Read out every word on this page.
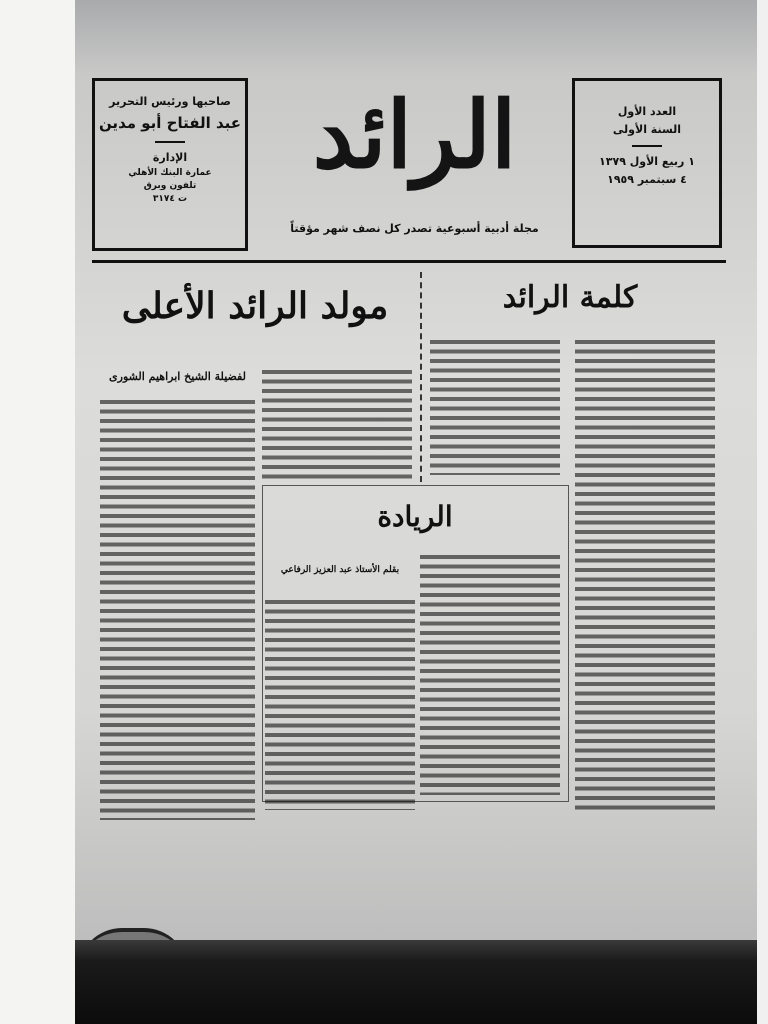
العدد الأول
السنة الأولى
١ ربيع الأول ١٣٧٩
٤ سبتمبر ١٩٥٩
صاحبها ورئيس التحرير
عبد الفتاح أبو مدين
الإدارة
عمارة البنك الأهلي
تلفون وبرق
ت ٣١٧٤
الرائد
مجلة أدبية أسبوعية تصدر كل نصف شهر مؤقتاً
كلمة الرائد
مولد الرائد الأعلى
لفضيلة الشيخ ابراهيم الشورى
الريادة
بقلم الأستاذ عبد العزيز الرفاعي
